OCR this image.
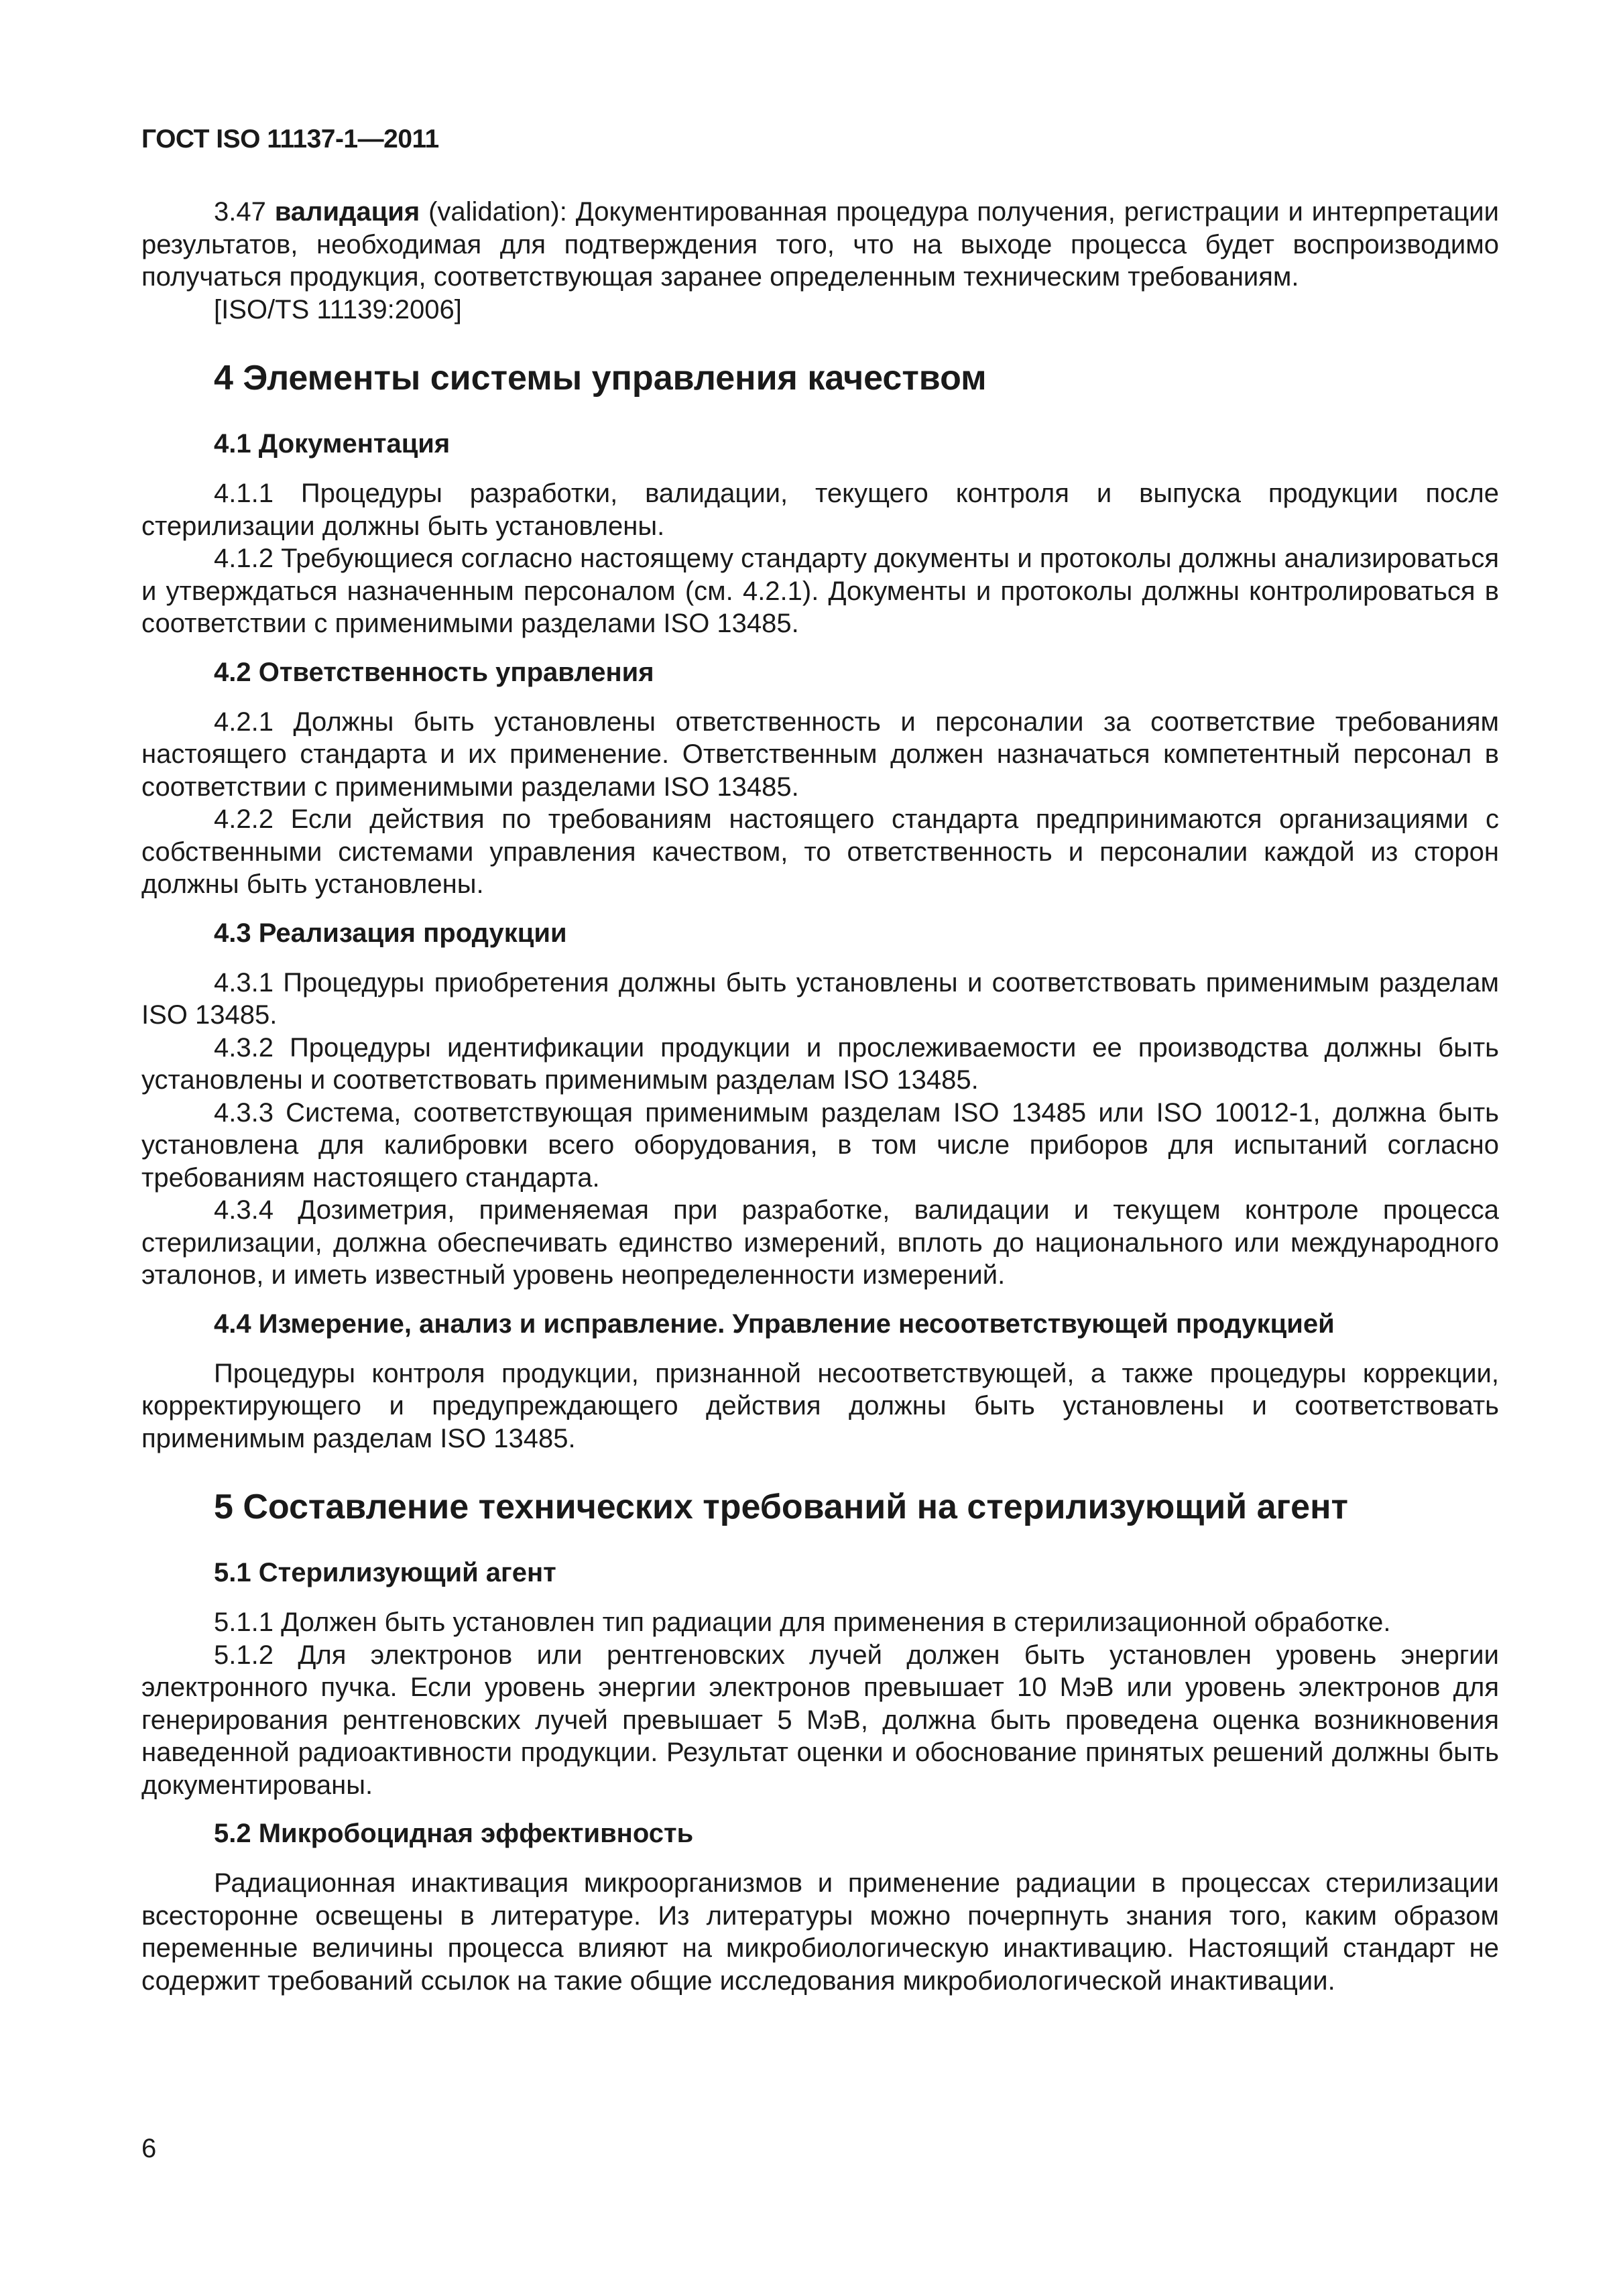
ГОСТ ISO 11137-1—2011

3.47 валидация (validation): Документированная процедура получения, регистрации и интерпретации результатов, необходимая для подтверждения того, что на выходе процесса будет воспроизводимо получаться продукция, соответствующая заранее определенным техническим требованиям.

[ISO/TS 11139:2006]

4 Элементы системы управления качеством
4.1 Документация

4.1.1 Процедуры разработки, валидации, текущего контроля и выпуска продукции после стерилизации должны быть установлены.

4.1.2 Требующиеся согласно настоящему стандарту документы и протоколы должны анализироваться и утверждаться назначенным персоналом (см. 4.2.1). Документы и протоколы должны контролироваться в соответствии с применимыми разделами ISO 13485.

4.2 Ответственность управления

4.2.1 Должны быть установлены ответственность и персоналии за соответствие требованиям настоящего стандарта и их применение. Ответственным должен назначаться компетентный персонал в соответствии с применимыми разделами ISO 13485.

4.2.2 Если действия по требованиям настоящего стандарта предпринимаются организациями с собственными системами управления качеством, то ответственность и персоналии каждой из сторон должны быть установлены.

4.3 Реализация продукции

4.3.1 Процедуры приобретения должны быть установлены и соответствовать применимым разделам ISO 13485.

4.3.2 Процедуры идентификации продукции и прослеживаемости ее производства должны быть установлены и соответствовать применимым разделам ISO 13485.

4.3.3 Система, соответствующая применимым разделам ISO 13485 или ISO 10012-1, должна быть установлена для калибровки всего оборудования, в том числе приборов для испытаний согласно требованиям настоящего стандарта.

4.3.4 Дозиметрия, применяемая при разработке, валидации и текущем контроле процесса стерилизации, должна обеспечивать единство измерений, вплоть до национального или международного эталонов, и иметь известный уровень неопределенности измерений.

4.4 Измерение, анализ и исправление. Управление несоответствующей продукцией

Процедуры контроля продукции, признанной несоответствующей, а также процедуры коррекции, корректирующего и предупреждающего действия должны быть установлены и соответствовать применимым разделам ISO 13485.

5 Составление технических требований на стерилизующий агент
5.1 Стерилизующий агент

5.1.1 Должен быть установлен тип радиации для применения в стерилизационной обработке.

5.1.2 Для электронов или рентгеновских лучей должен быть установлен уровень энергии электронного пучка. Если уровень энергии электронов превышает 10 МэВ или уровень электронов для генерирования рентгеновских лучей превышает 5 МэВ, должна быть проведена оценка возникновения наведенной радиоактивности продукции. Результат оценки и обоснование принятых решений должны быть документированы.

5.2 Микробоцидная эффективность

Радиационная инактивация микроорганизмов и применение радиации в процессах стерилизации всесторонне освещены в литературе. Из литературы можно почерпнуть знания того, каким образом переменные величины процесса влияют на микробиологическую инактивацию. Настоящий стандарт не содержит требований ссылок на такие общие исследования микробиологической инактивации.

6
